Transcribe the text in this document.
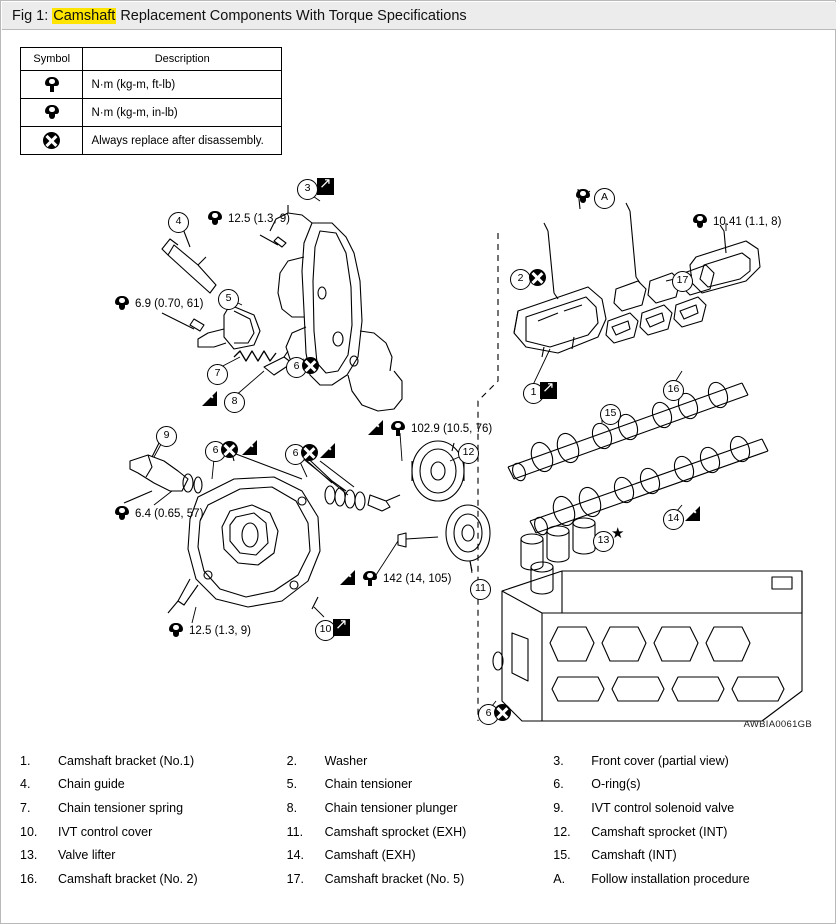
Fig 1: Camshaft Replacement Components With Torque Specifications
Symbol	Description

	N·m (kg-m, ft-lb)

	N·m (kg-m, in-lb)
	Always replace after disassembly.
1
2
3
4
5
6
7
8
9
10
11
12
13
14
15
16
17
6	6
6
A
↗
↗
↗
★
12.5 (1.3, 9)
6.9 (0.70, 61)
6.4 (0.65, 57)
12.5 (1.3, 9)
102.9 (10.5, 76)
142 (14, 105)
10.41 (1.1, 8)
AWBIA0061GB
1.	Camshaft bracket (No.1)	2.	Washer	3.	Front cover (partial view)
4.	Chain guide	5.	Chain tensioner	6.	O-ring(s)
7.	Chain tensioner spring	8.	Chain tensioner plunger	9.	IVT control solenoid valve
10.	IVT control cover	11.	Camshaft sprocket (EXH)	12.	Camshaft sprocket (INT)
13.	Valve lifter	14.	Camshaft (EXH)	15.	Camshaft (INT)
16.	Camshaft bracket (No. 2)	17.	Camshaft bracket (No. 5)	A.	Follow installation procedure
